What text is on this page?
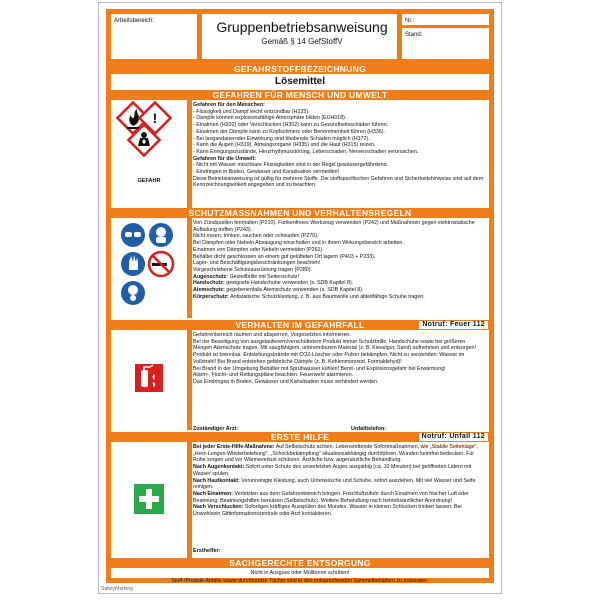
Arbeitsbereich:	Gruppenbetriebsanweisung
Gemäß § 14 GefStoffV
Nr.:
Stand:
GEFAHRSTOFFBEZEICHNUNG
Lösemittel
GEFAHREN FÜR MENSCH UND UMWELT
!
GEFAHR

Gefahren für den Menschen:

- Flüssigkeit und Dampf leicht entzündbar (H225).

- Dämpfe können explosionsfähige Atmosphäre bilden (EUH018).

- Einatmen (H332) oder Verschlucken (H302) kann zu Gesundheitsschäden führen.

- Einatmen der Dämpfe kann zu Kopfschmerz oder Benommenheit führen (H336).

- Bei langandauernder Einwirkung sind bleibende Schäden möglich (H372).

- Kann die Augen (H319), Atmungsorgane (H335) und die Haut (H315) reizen.

- Kann Erregungszustände, Herzrhythmusstörung, Leberschaden, Nervenschaden verursachen.

Gefahren für die Umwelt:

- Nicht mit Wasser mischbare Flüssigkeiten sind in der Regel gewässergefährdend.

- Eindringen in Boden, Gewässer und Kanalisation vermeiden!

Diese Betriebsanweisung ist gültig für mehrere Stoffe. Die stoffspezifischen Gefahren und Sicherheitshinweise sind auf dem Kennzeichnungsetikett angegeben und zu beachten.

SCHUTZMASSNAHMEN UND VERHALTENSREGELN

Von Zündquellen fernhalten (P210). Funkenfreies Werkzeug verwenden (P242) und Maßnahmen gegen elektrostatische Aufladung treffen (P243).

Nicht essen, trinken, rauchen oder schnupfen (P270).

Bei Dämpfen oder Nebeln Absaugung einschalten und in ihrem Wirkungsbereich arbeiten.

Einatmen von Dämpfen oder Nebeln vermeiden (P261).

Behälter dicht geschlossen an einem gut gelüfteten Ort lagern (P403 + P233).

Lager- und Beschäftigungsbeschränkungen beachten!

Vorgeschriebene Schutzausrüstung tragen (P280).

Augenschutz: Gestellbrille mit Seitenschutz!

Handschutz: geeignete Handschuhe verwenden (s. SDB Kapitel 8).

Atemschutz: gegebenenfalls Atemschutz verwenden (s. SDB Kapitel 8).

Körperschutz: Antistatische Schutzkleidung, z. B. aus Baumwolle und ableitfähige Schuhe tragen.

VERHALTEN IM GEFAHRFALL	Notruf: Feuer 112

Gefahrenbereich räumen und absperren, Vorgesetzten informieren.

Bei der Beseitigung von ausgelaufenem/verschüttetem Produkt immer Schutzbrille, Handschuhe sowie bei größeren Mengen Atemschutz tragen. Mit saugfähigem, unbrennbarem Material (z. B. Kieselgur, Sand) aufnehmen und entsorgen!

Produkt ist brennbar. Entstehungsbrände mit CO2-Löscher oder Pulver bekämpfen. Nicht zu verwenden: Wasser im Vollstrahl! Bei Brand entstehen gefährliche Dämpfe (z. B. Kohlenmonoxid, Formaldehyd)!

Bei Brand in der Umgebung Behälter mit Sprühwasser kühlen! Berst- und Explosionsgefahr bei Erwärmung!

Alarm-, Flucht- und Rettungspläne beachten. Feuerwehr alarmieren.

Das Eindringen in Boden, Gewässer und Kanalisation muss verhindert werden.

Zuständiger Arzt:	Unfalltelefon:
ERSTE HILFE	Notruf: Unfall 112

Bei jeder Erste-Hilfe-Maßnahme: Auf Selbstschutz achten. Lebensrettende Sofortmaßnahmen, wie „Stabile Seitenlage", „Herz-Lungen-Wiederbelebung", „Schockbekämpfung" situationsabhängig durchführen. Wunden keimfrei bedecken. Für Ruhe sorgen und vor Wärmeverlust schützen. Ärztliche bzw. augenärztliche Behandlung.

Nach Augenkontakt: Sofort unter Schutz des unverletzten Auges ausgiebig (ca. 10 Minuten) bei geöffneten Lidern mit Wasser spülen.

Nach Hautkontakt: Verunreinigte Kleidung, auch Unterwäsche und Schuhe, sofort ausziehen. Mit viel Wasser und Seife reinigen.

Nach Einatmen: Verletzten aus dem Gefahrenbereich bringen. Frischluftzufuhr durch Einatmen von frischer Luft oder Beatmung. Beatmungshilfen benutzen (Selbstschutz). Weitere Behandlung nach betriebsärztlicher Anordnung!

Nach Verschlucken: Sofortiges kräftiges Ausspülen des Mundes. Wasser in kleinen Schlucken trinken lassen. Bei Unwohlsein Giftinformationszentrale oder Arzt kontaktieren.

Ersthelfer:
SACHGERECHTE ENTSORGUNG
Nicht in Ausguss oder Mülltonne schütten!
Stoff-/Produkt-Abfälle sowie durchtränkte Tücher sind in den entsprechenden Sammelbehältern zu entsorgen.
SafetyMarking
